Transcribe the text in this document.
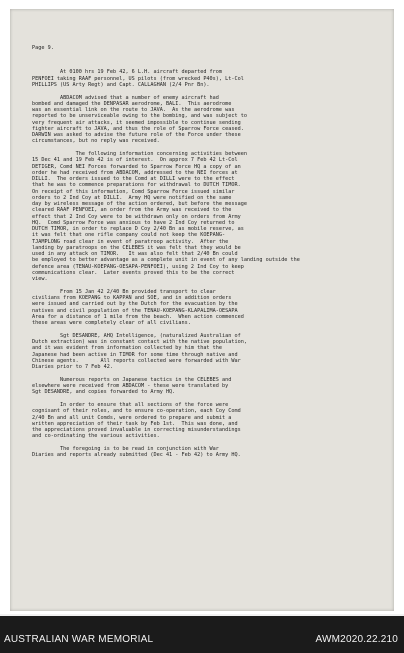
Page 9.
At 0100 hrs 19 Feb 42, 6 L.H. aircraft departed from
PENFOEI taking RAAF personnel, US pilots (from wrecked P40s), Lt-Col
PHILLIPS (US Arty Regt) and Capt. CALLAGHAN (2/4 Pnr Bn).
ABDACOM advised that a number of enemy aircraft had
bombed and damaged the DENPASAR aerodrome, BALI.  This aerodrome
was an essential link on the route to JAVA.  As the aerodrome was
reported to be unserviceable owing to the bombing, and was subject to
very frequent air attacks, it seemed impossible to continue sending
fighter aircraft to JAVA, and thus the role of Sparrow Force ceased.
DARWIN was asked to advise the future role of the Force under these
circumstances, but no reply was received.
The following information concerning activities between
15 Dec 41 and 19 Feb 42 is of interest.  On approx 7 Feb 42 Lt-Col
DETIGER, Comd NEI Forces forwarded to Sparrow Force HQ a copy of an
order he had received from ABDACOM, addressed to the NEI forces at
DILLI.  The orders issued to the Comd at DILLI were to the effect
that he was to commence preparations for withdrawal to DUTCH TIMOR.
On receipt of this information, Comd Sparrow Force issued similar
orders to 2 Ind Coy at DILLI.  Army HQ were notified on the same
day by wireless message of the action ordered, but before the message
cleared RAAF PENFOEI, an order from the Army was received to the
effect that 2 Ind Coy were to be withdrawn only on orders from Army
HQ.  Comd Sparrow Force was anxious to have 2 Ind Coy returned to
DUTCH TIMOR, in order to replace D Coy 2/40 Bn as mobile reserve, as
it was felt that one rifle company could not keep the KOEPANG-
TJAMPLONG road clear in event of paratroop activity.  After the
landing by paratroops on the CELEBES it was felt that they would be
used in any attack on TIMOR.   It was also felt that 2/40 Bn could
be employed to better advantage as a complete unit in event of any landing outside the
defence area (TENAU-KOEPANG-OESAPA-PENFOEI), using 2 Ind Coy to keep
communications clear.  Later events proved this to be the correct
view.
From 15 Jan 42 2/40 Bn provided transport to clear
civilians from KOEPANG to KAPPAN and SOE, and in addition orders
were issued and carried out by the Dutch for the evacuation by the
natives and civil population of the TENAU-KOEPANG-KLAPALIMA-OESAPA
Area for a distance of 1 mile from the beach.  When action commenced
these areas were completely clear of all civilians.
Sgt DESANDRE, AHQ Intelligence, (naturalized Australian of
Dutch extraction) was in constant contact with the native population,
and it was evident from information collected by him that the
Japanese had been active in TIMOR for some time through native and
Chinese agents.       All reports collected were forwarded with War
Diaries prior to 7 Feb 42.
Numerous reports on Japanese tactics in the CELEBES and
elsewhere were received from ABDACOM - these were translated by
Sgt DESANDRE, and copies forwarded to Army HQ.
In order to ensure that all sections of the force were
cognisant of their roles, and to ensure co-operation, each Coy Comd
2/40 Bn and all unit Comds, were ordered to prepare and submit a
written appreciation of their task by Feb 1st.  This was done, and
the appreciations proved invaluable in correcting misunderstandings
and co-ordinating the various activities.
The foregoing is to be read in conjunction with War
Diaries and reports already submitted (Dec 41 - Feb 42) to Army HQ.
AUSTRALIAN WAR MEMORIAL	AWM2020.22.210
